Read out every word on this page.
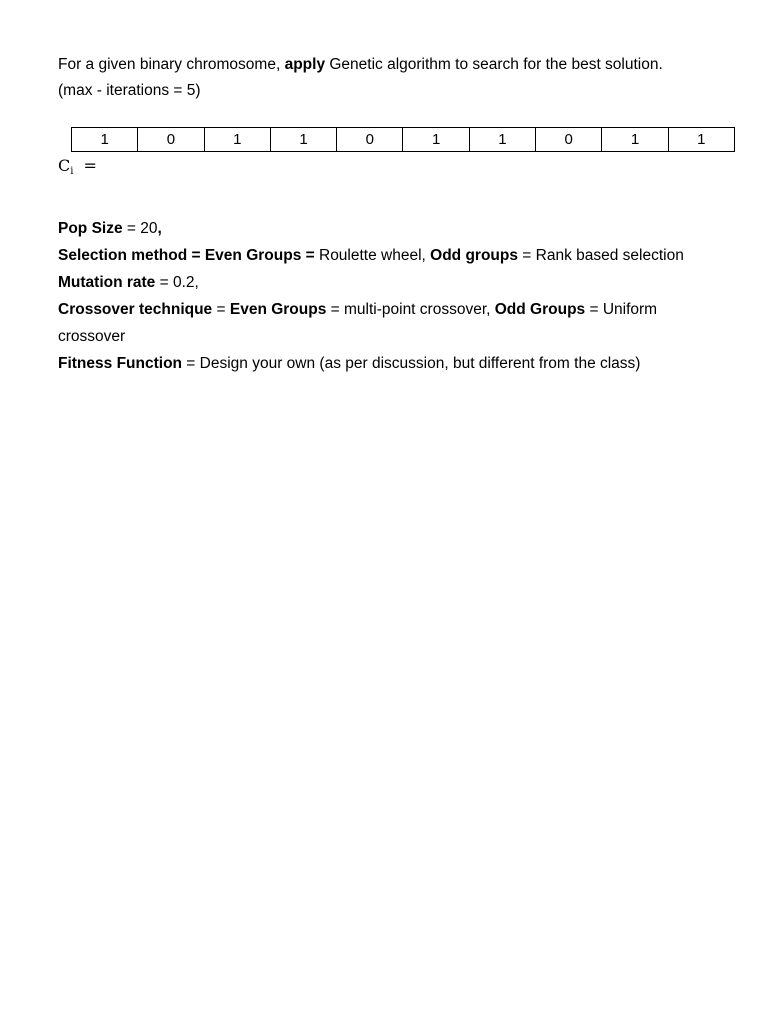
For a given binary chromosome, apply Genetic algorithm to search for the best solution.

(max - iterations = 5)

1	0	1	1	0	1	1	0	1	1
$C_i$ =

Pop Size = 20,

Selection method = Even Groups = Roulette wheel, Odd groups = Rank based selection

Mutation rate = 0.2,

Crossover technique = Even Groups = multi-point crossover, Odd Groups = Uniform

crossover

Fitness Function = Design your own (as per discussion, but different from the class)
